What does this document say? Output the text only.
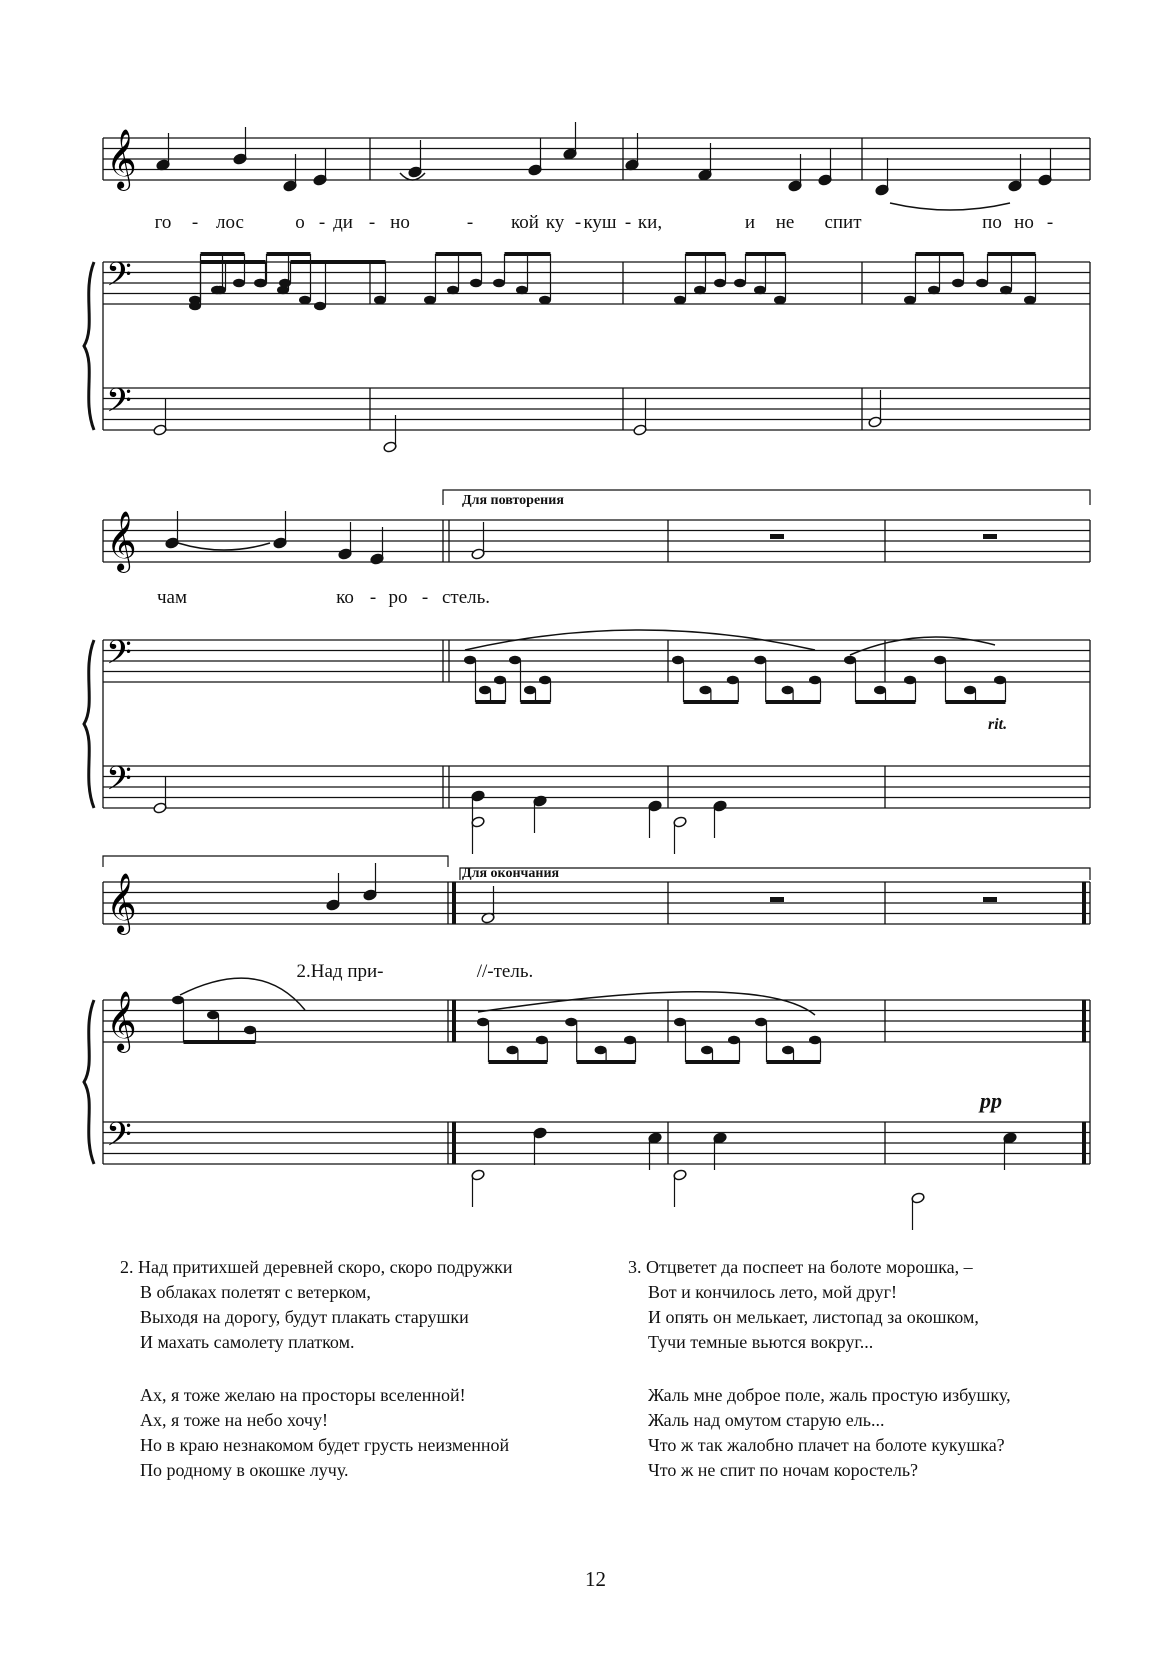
𝄞
𝄢
𝄢
𝄞
𝄢
𝄢
𝄞
𝄞
𝄢
го - лос	о - ди - но	- кой ку - куш - ки,	и не спит	по но -
чам	ко - ро - стель.
2.Над при-	//-тель.
Для повторения
Для окончания
rit.
pp
2. Над притихшей деревней скоро, скоро подружки
В облаках полетят с ветерком,
Выходя на дорогу, будут плакать старушки
И махать самолету платком.
Ах, я тоже желаю на просторы вселенной!
Ах, я тоже на небо хочу!
Но в краю незнакомом будет грусть неизменной
По родному в окошке лучу.
3. Отцветет да поспеет на болоте морошка, –
Вот и кончилось лето, мой друг!
И опять он мелькает, листопад за окошком,
Тучи темные вьются вокруг...
Жаль мне доброе поле, жаль простую избушку,
Жаль над омутом старую ель...
Что ж так жалобно плачет на болоте кукушка?
Что ж не спит по ночам коростель?
12
